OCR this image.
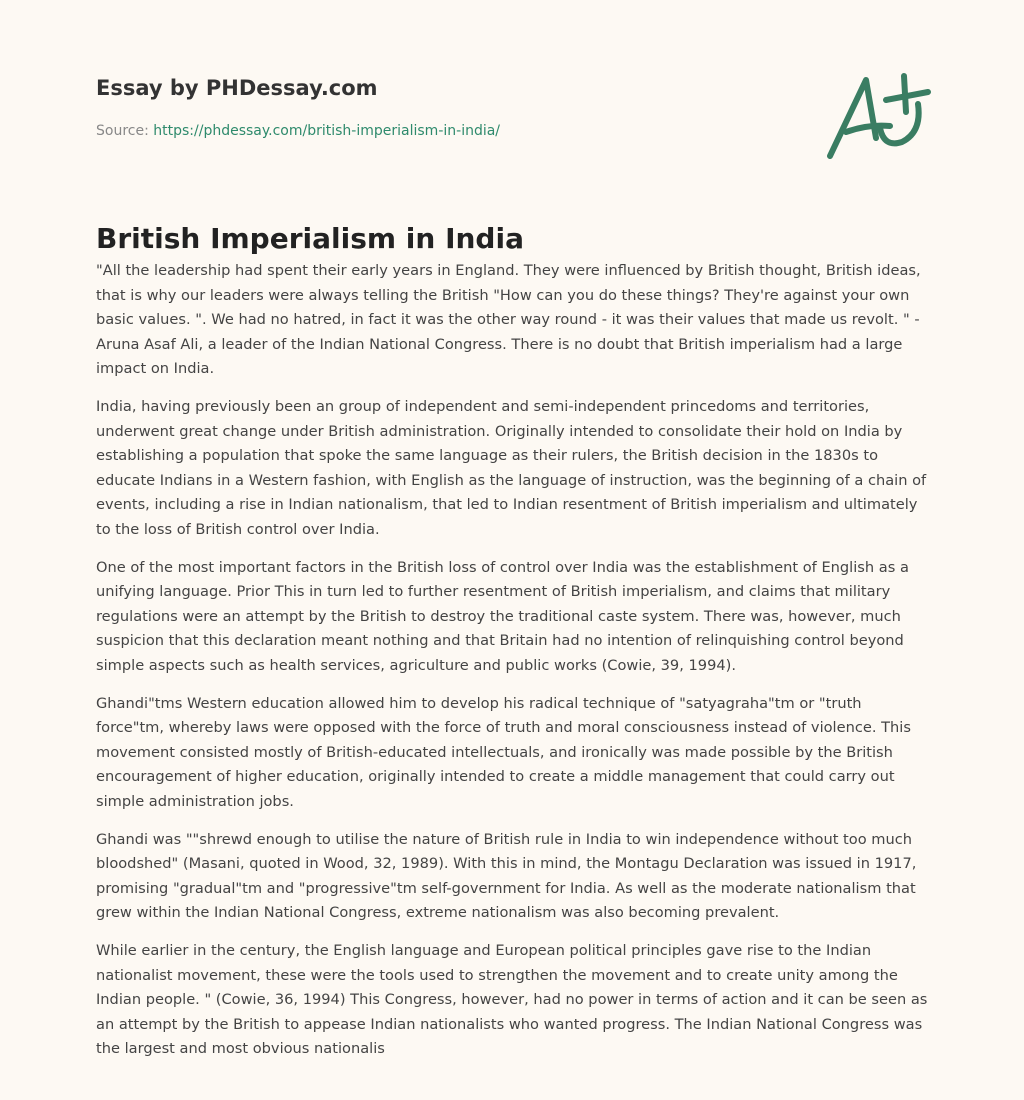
Essay by PHDessay.com
Source: https://phdessay.com/british-imperialism-in-india/
British Imperialism in India

"All the leadership had spent their early years in England. They were influenced by British thought, British ideas, that is why our leaders were always telling the British "How can you do these things? They're against your own basic values. ". We had no hatred, in fact it was the other way round - it was their values that made us revolt. " - Aruna Asaf Ali, a leader of the Indian National Congress. There is no doubt that British imperialism had a large impact on India.

India, having previously been an group of independent and semi-independent princedoms and territories, underwent great change under British administration. Originally intended to consolidate their hold on India by establishing a population that spoke the same language as their rulers, the British decision in the 1830s to educate Indians in a Western fashion, with English as the language of instruction, was the beginning of a chain of events, including a rise in Indian nationalism, that led to Indian resentment of British imperialism and ultimately to the loss of British control over India.

One of the most important factors in the British loss of control over India was the establishment of English as a unifying language. Prior This in turn led to further resentment of British imperialism, and claims that military regulations were an attempt by the British to destroy the traditional caste system. There was, however, much suspicion that this declaration meant nothing and that Britain had no intention of relinquishing control beyond simple aspects such as health services, agriculture and public works (Cowie, 39, 1994).

Ghandi"tms Western education allowed him to develop his radical technique of "satyagraha"tm or "truth force"tm, whereby laws were opposed with the force of truth and moral consciousness instead of violence. This movement consisted mostly of British-educated intellectuals, and ironically was made possible by the British encouragement of higher education, originally intended to create a middle management that could carry out simple administration jobs.

Ghandi was ""shrewd enough to utilise the nature of British rule in India to win independence without too much bloodshed" (Masani, quoted in Wood, 32, 1989). With this in mind, the Montagu Declaration was issued in 1917, promising "gradual"tm and "progressive"tm self-government for India. As well as the moderate nationalism that grew within the Indian National Congress, extreme nationalism was also becoming prevalent.

While earlier in the century, the English language and European political principles gave rise to the Indian nationalist movement, these were the tools used to strengthen the movement and to create unity among the Indian people. " (Cowie, 36, 1994) This Congress, however, had no power in terms of action and it can be seen as an attempt by the British to appease Indian nationalists who wanted progress. The Indian National Congress was the largest and most obvious nationalis
